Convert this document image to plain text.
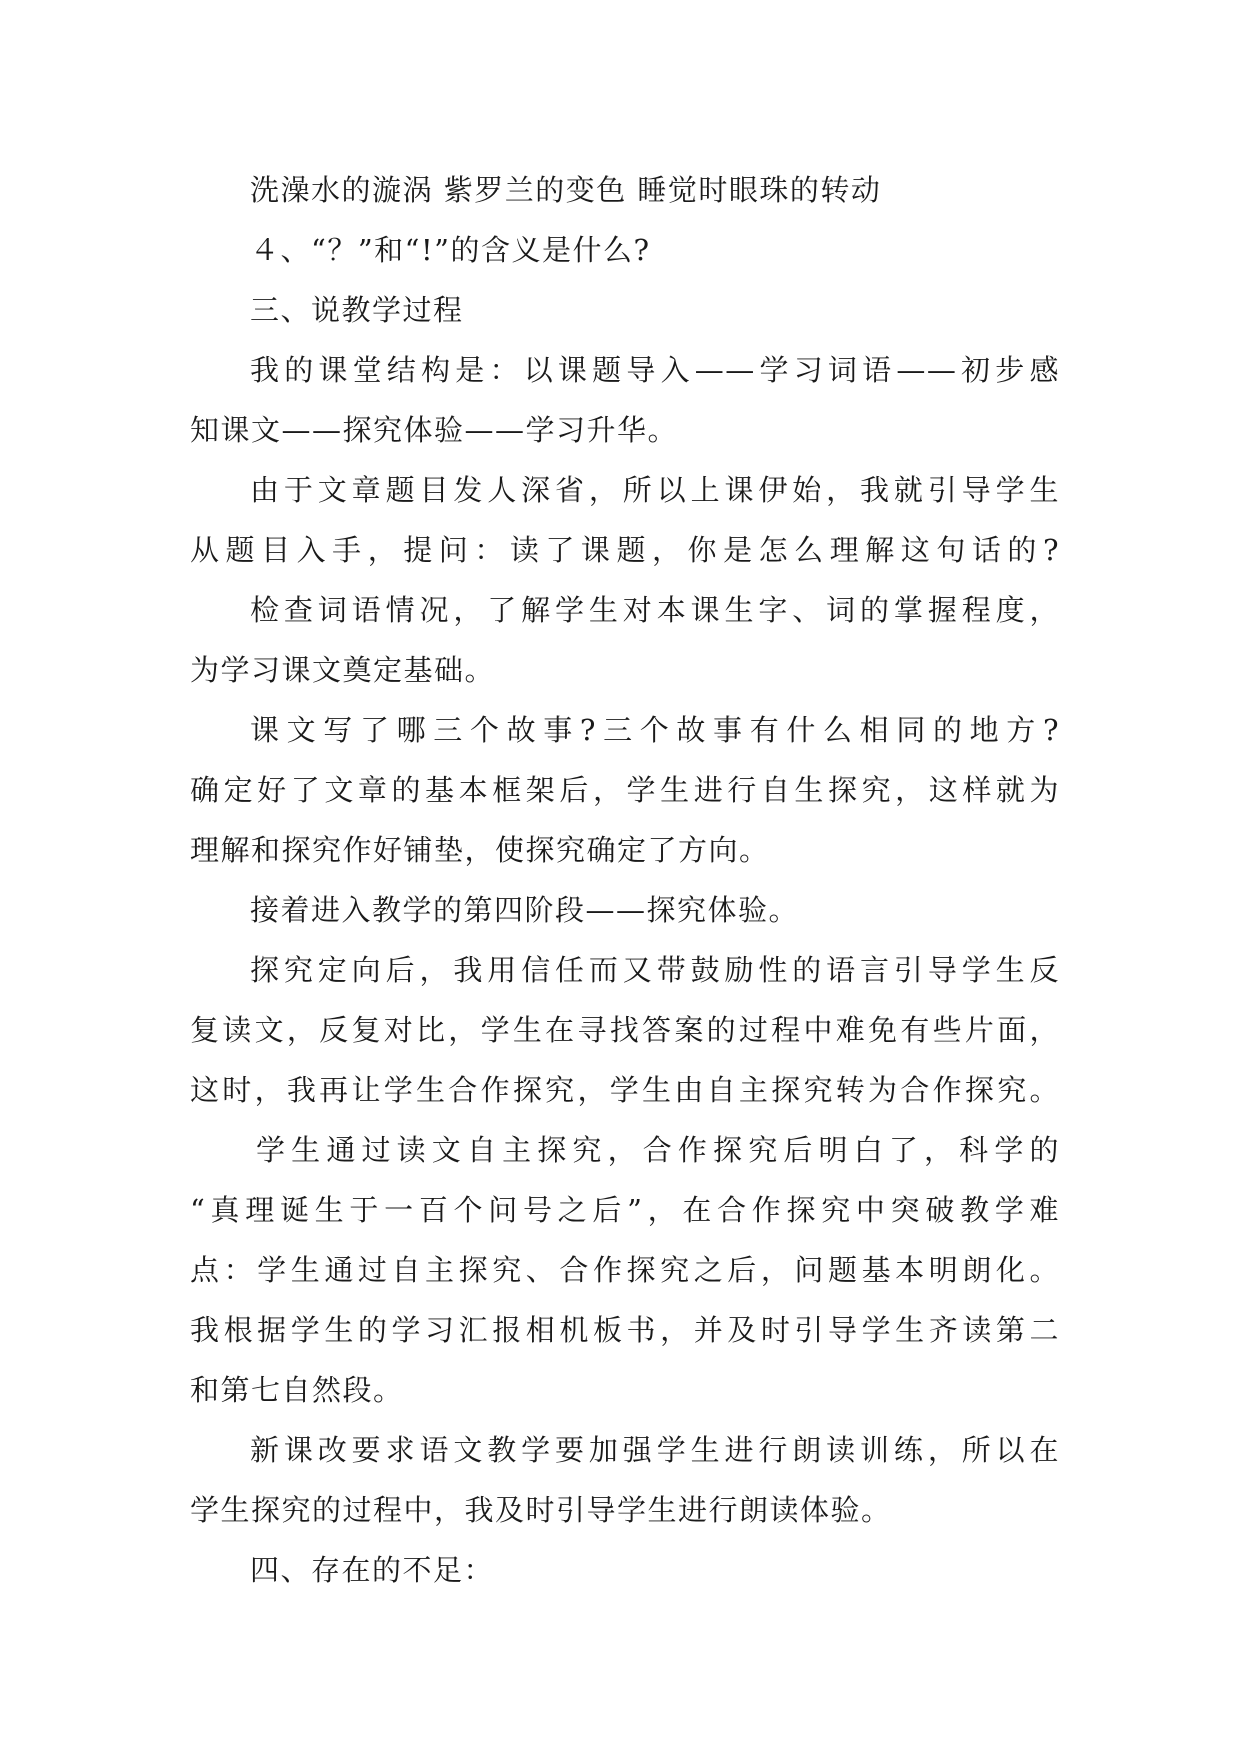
洗澡水的漩涡 紫罗兰的变色 睡觉时眼珠的转动
４、“？”和“!”的含义是什么?
三、说教学过程
我的课堂结构是：以课题导入——学习词语——初步感
知课文——探究体验——学习升华。
由于文章题目发人深省，所以上课伊始，我就引导学生
从题目入手，提问：读了课题，你是怎么理解这句话的?
检查词语情况，了解学生对本课生字、词的掌握程度，
为学习课文奠定基础。
课文写了哪三个故事?三个故事有什么相同的地方?
确定好了文章的基本框架后，学生进行自生探究，这样就为
理解和探究作好铺垫，使探究确定了方向。
接着进入教学的第四阶段——探究体验。
探究定向后，我用信任而又带鼓励性的语言引导学生反
复读文，反复对比，学生在寻找答案的过程中难免有些片面，
这时，我再让学生合作探究，学生由自主探究转为合作探究。
学生通过读文自主探究，合作探究后明白了，科学的
“真理诞生于一百个问号之后”，在合作探究中突破教学难
点：学生通过自主探究、合作探究之后，问题基本明朗化。
我根据学生的学习汇报相机板书，并及时引导学生齐读第二
和第七自然段。
新课改要求语文教学要加强学生进行朗读训练，所以在
学生探究的过程中，我及时引导学生进行朗读体验。
四、存在的不足：
